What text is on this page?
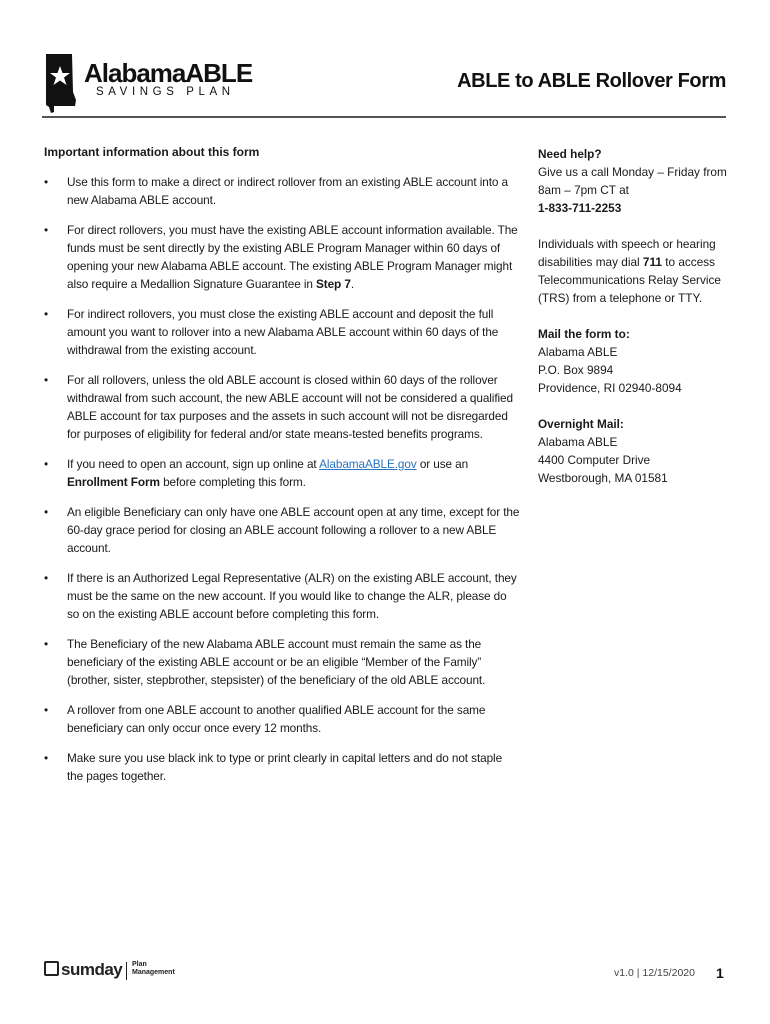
AlabamaABLE
SAVINGS PLAN	ABLE to ABLE Rollover Form
Important information about this form
• Use this form to make a direct or indirect rollover from an existing ABLE account into a new Alabama ABLE account.
• For direct rollovers, you must have the existing ABLE account information available. The funds must be sent directly by the existing ABLE Program Manager within 60 days of opening your new Alabama ABLE account. The existing ABLE Program Manager might also require a Medallion Signature Guarantee in Step 7.
• For indirect rollovers, you must close the existing ABLE account and deposit the full amount you want to rollover into a new Alabama ABLE account within 60 days of the withdrawal from the existing account.
• For all rollovers, unless the old ABLE account is closed within 60 days of the rollover withdrawal from such account, the new ABLE account will not be considered a qualified ABLE account for tax purposes and the assets in such account will not be disregarded for purposes of eligibility for federal and/or state means-tested benefits programs.
• If you need to open an account, sign up online at AlabamaABLE.gov or use an Enrollment Form before completing this form.
• An eligible Beneficiary can only have one ABLE account open at any time, except for the 60-day grace period for closing an ABLE account following a rollover to a new ABLE account.
• If there is an Authorized Legal Representative (ALR) on the existing ABLE account, they must be the same on the new account. If you would like to change the ALR, please do so on the existing ABLE account before completing this form.
• The Beneficiary of the new Alabama ABLE account must remain the same as the beneficiary of the existing ABLE account or be an eligible “Member of the Family” (brother, sister, stepbrother, stepsister) of the beneficiary of the old ABLE account.
• A rollover from one ABLE account to another qualified ABLE account for the same beneficiary can only occur once every 12 months.
• Make sure you use black ink to type or print clearly in capital letters and do not staple the pages together.
Need help?
Give us a call Monday – Friday from 8am – 7pm CT at
1-833-711-2253
Individuals with speech or hearing disabilities may dial 711 to access Telecommunications Relay Service (TRS) from a telephone or TTY.
Mail the form to:
Alabama ABLE
P.O. Box 9894
Providence, RI 02940-8094
Overnight Mail:
Alabama ABLE
4400 Computer Drive
Westborough, MA 01581
sumday Plan
Management	v1.0 | 12/15/2020 1
